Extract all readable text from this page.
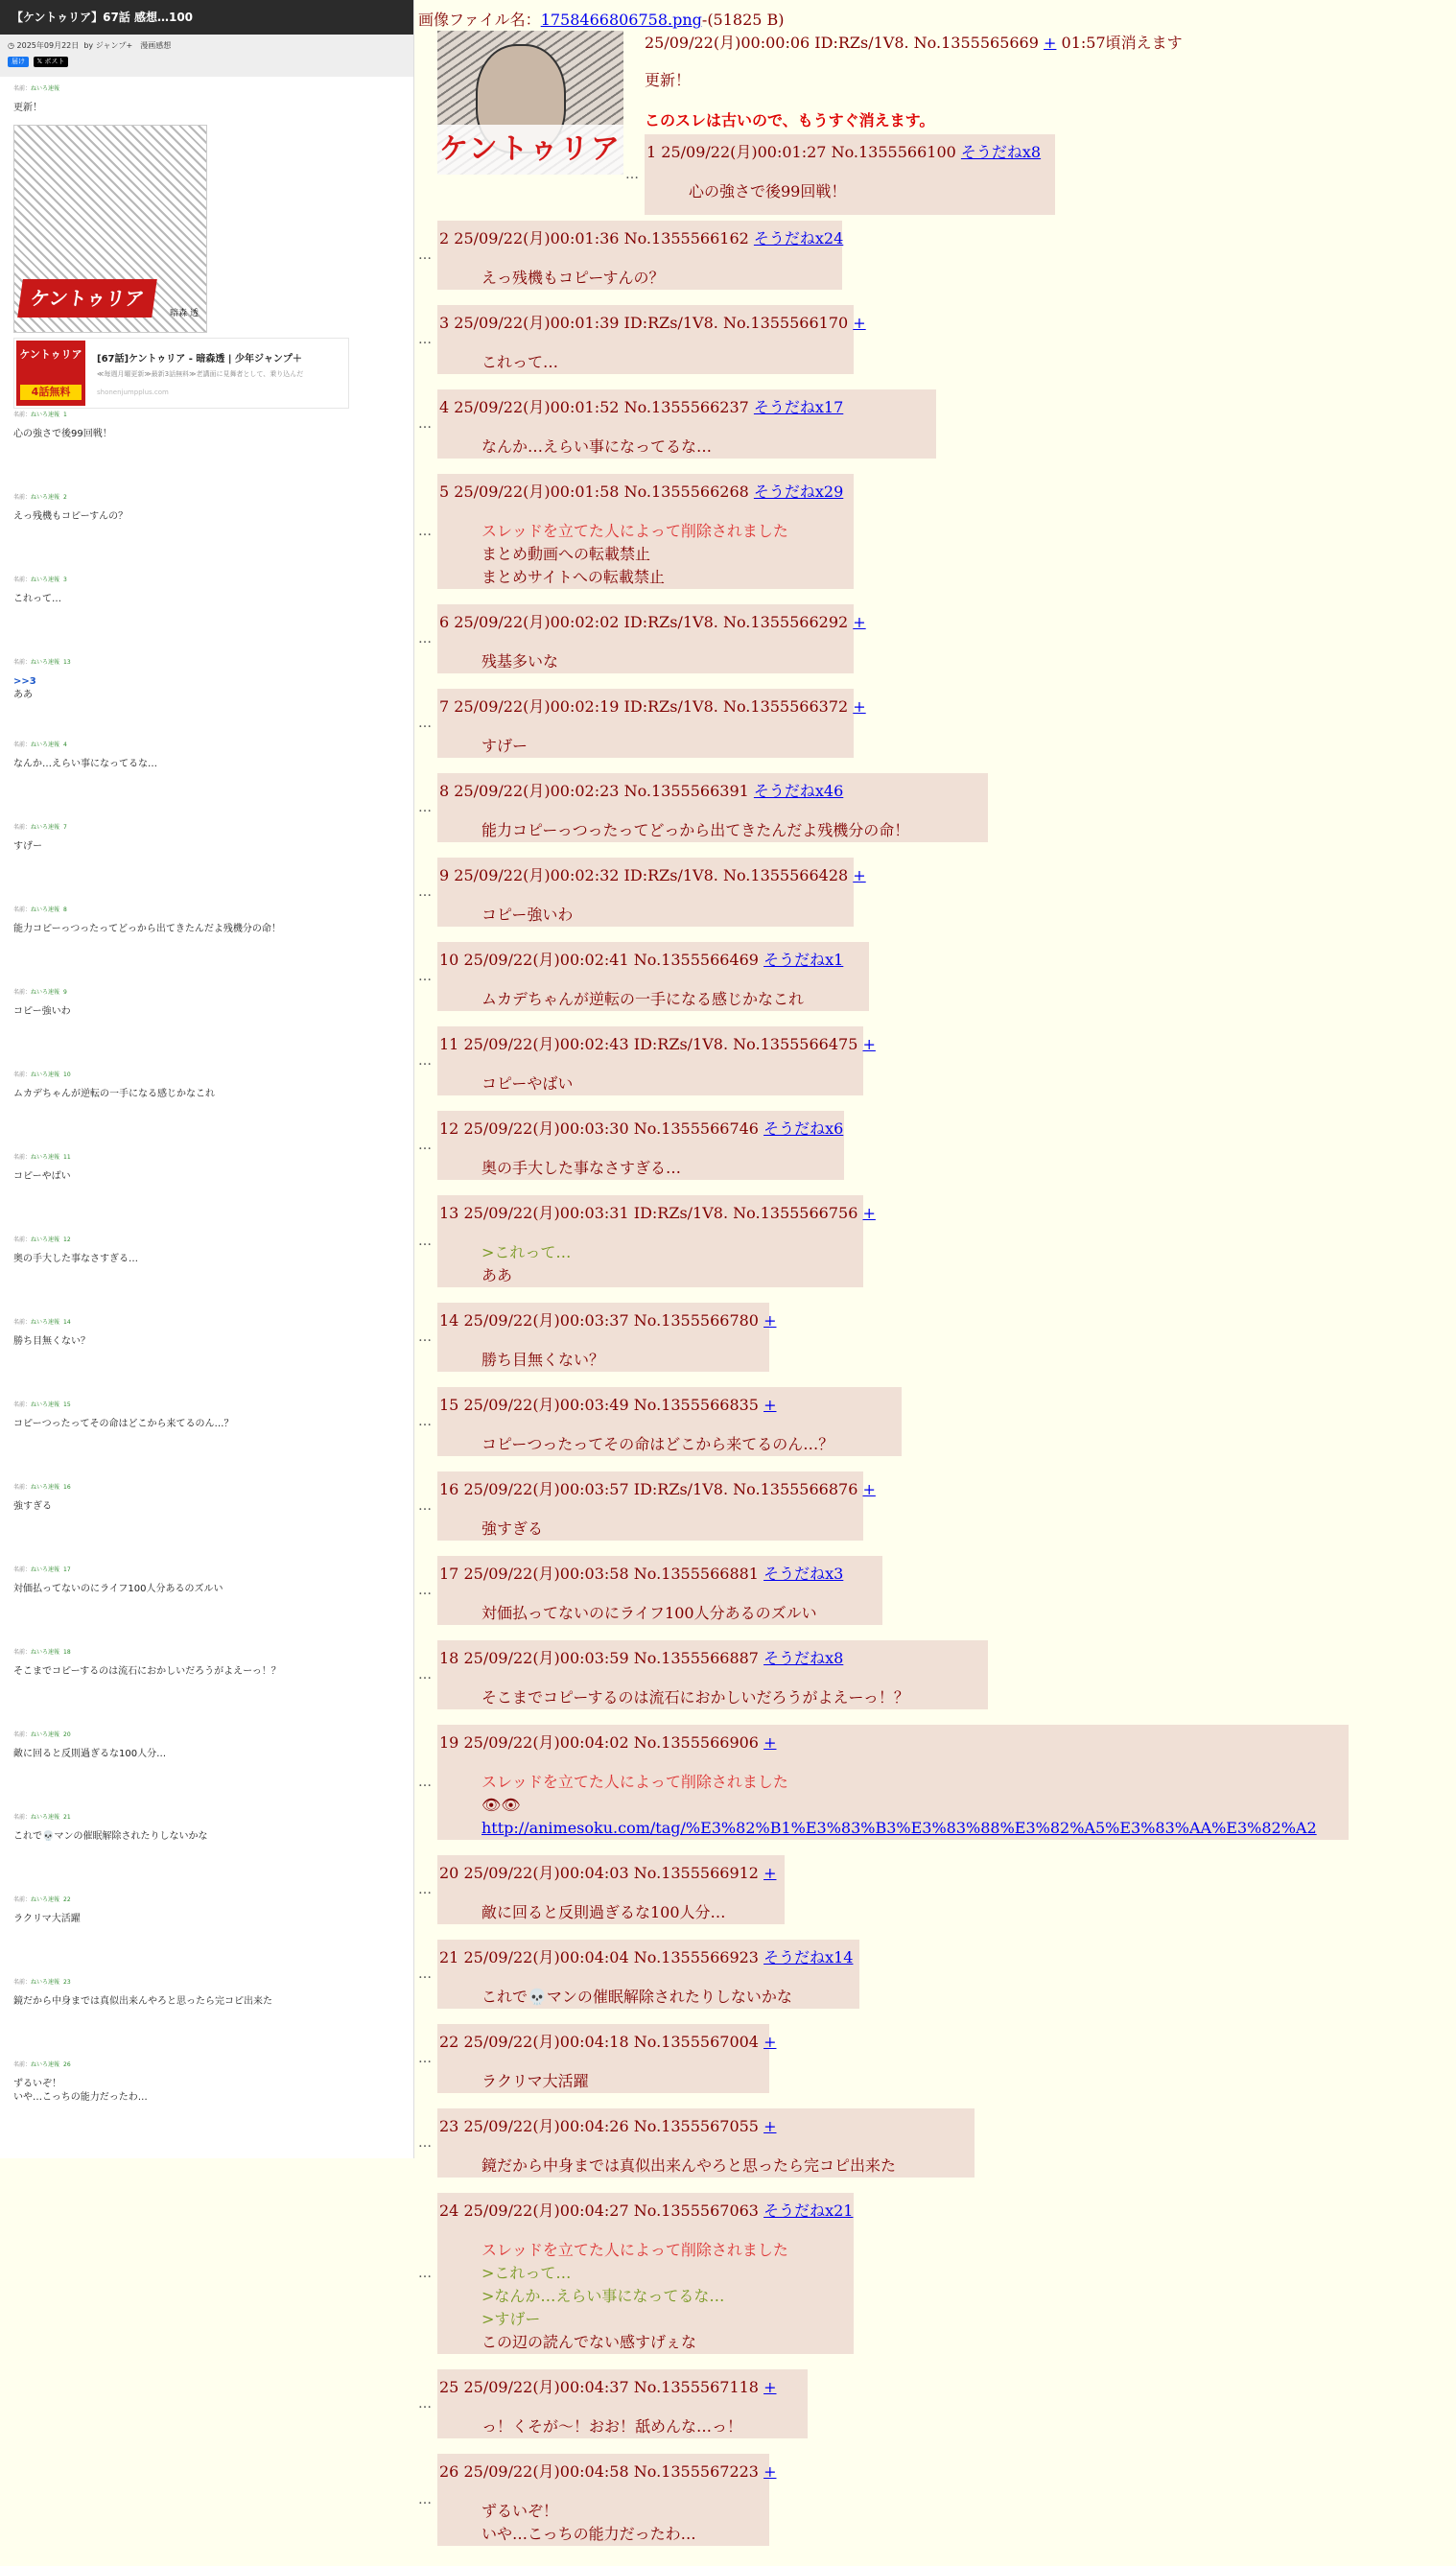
【ケントゥリア】67話 感想…100
◷ 2025年09月22日 by ジャンプ+　漫画感想
届け 𝕏 ポスト
名前：ねいろ速報
更新！
ケントゥリア
暗森 透
ケントゥリア
4話無料
[67話]ケントゥリア - 暗森透 | 少年ジャンプ＋
≪毎週月曜更新≫最新3話無料≫⽼講⾯に⾒舞者として、乗り込んだ
shonenjumpplus.com
名前：ねいろ速報 1
心の強さで後99回戦！
名前：ねいろ速報 2
えっ残機もコピーすんの？
名前：ねいろ速報 3
これって…
名前：ねいろ速報 13
>>3
ああ
名前：ねいろ速報 4
なんか…えらい事になってるな…
名前：ねいろ速報 7
すげー
名前：ねいろ速報 8
能力コピーっつったってどっから出てきたんだよ残機分の命！
名前：ねいろ速報 9
コピー強いわ
名前：ねいろ速報 10
ムカデちゃんが逆転の一手になる感じかなこれ
名前：ねいろ速報 11
コピーやばい
名前：ねいろ速報 12
奥の手大した事なさすぎる…
名前：ねいろ速報 14
勝ち目無くない？
名前：ねいろ速報 15
コピーつったってその命はどこから来てるのん…？
名前：ねいろ速報 16
強すぎる
名前：ねいろ速報 17
対価払ってないのにライフ100人分あるのズルい
名前：ねいろ速報 18
そこまでコピーするのは流石におかしいだろうがよえーっ！？
名前：ねいろ速報 20
敵に回ると反則過ぎるな100人分…
名前：ねいろ速報 21
これで💀マンの催眠解除されたりしないかな
名前：ねいろ速報 22
ラクリマ大活躍
名前：ねいろ速報 23
鏡だから中身までは真似出来んやろと思ったら完コピ出来た
名前：ねいろ速報 26
ずるいぞ！
いや…こっちの能力だったわ…
画像ファイル名：1758466806758.png-(51825 B)
ケントゥリア
25/09/22(月)00:00:06 ID:RZs/1V8. No.1355565669 + 01:57頃消えます
更新！
このスレは古いので、もうすぐ消えます。
1 25/09/22(月)00:01:27 No.1355566100 そうだねx8
心の強さで後99回戦！
…
2 25/09/22(月)00:01:36 No.1355566162 そうだねx24
えっ残機もコピーすんの？
…
3 25/09/22(月)00:01:39 ID:RZs/1V8. No.1355566170 +
これって…
…
4 25/09/22(月)00:01:52 No.1355566237 そうだねx17
なんか…えらい事になってるな…
…
5 25/09/22(月)00:01:58 No.1355566268 そうだねx29
スレッドを立てた人によって削除されました
まとめ動画への転載禁止
まとめサイトへの転載禁止
…
6 25/09/22(月)00:02:02 ID:RZs/1V8. No.1355566292 +
残基多いな
…
7 25/09/22(月)00:02:19 ID:RZs/1V8. No.1355566372 +
すげー
…
8 25/09/22(月)00:02:23 No.1355566391 そうだねx46
能力コピーっつったってどっから出てきたんだよ残機分の命！
…
9 25/09/22(月)00:02:32 ID:RZs/1V8. No.1355566428 +
コピー強いわ
…
10 25/09/22(月)00:02:41 No.1355566469 そうだねx1
ムカデちゃんが逆転の一手になる感じかなこれ
…
11 25/09/22(月)00:02:43 ID:RZs/1V8. No.1355566475 +
コピーやばい
…
12 25/09/22(月)00:03:30 No.1355566746 そうだねx6
奥の手大した事なさすぎる…
…
13 25/09/22(月)00:03:31 ID:RZs/1V8. No.1355566756 +
>これって…
ああ
…
14 25/09/22(月)00:03:37 No.1355566780 +
勝ち目無くない？
…
15 25/09/22(月)00:03:49 No.1355566835 +
コピーつったってその命はどこから来てるのん…？
…
16 25/09/22(月)00:03:57 ID:RZs/1V8. No.1355566876 +
強すぎる
…
17 25/09/22(月)00:03:58 No.1355566881 そうだねx3
対価払ってないのにライフ100人分あるのズルい
…
18 25/09/22(月)00:03:59 No.1355566887 そうだねx8
そこまでコピーするのは流石におかしいだろうがよえーっ！？
…
19 25/09/22(月)00:04:02 No.1355566906 +
スレッドを立てた人によって削除されました
👁👁
http://animesoku.com/tag/%E3%82%B1%E3%83%B3%E3%83%88%E3%82%A5%E3%83%AA%E3%82%A2

…
20 25/09/22(月)00:04:03 No.1355566912 +
敵に回ると反則過ぎるな100人分…
…
21 25/09/22(月)00:04:04 No.1355566923 そうだねx14
これで💀マンの催眠解除されたりしないかな
…
22 25/09/22(月)00:04:18 No.1355567004 +
ラクリマ大活躍
…
23 25/09/22(月)00:04:26 No.1355567055 +
鏡だから中身までは真似出来んやろと思ったら完コピ出来た
…
24 25/09/22(月)00:04:27 No.1355567063 そうだねx21
スレッドを立てた人によって削除されました
>これって…
>なんか…えらい事になってるな…
>すげー
この辺の読んでない感すげぇな
…
25 25/09/22(月)00:04:37 No.1355567118 +
っ！くそが〜！おお！舐めんな…っ！
…
26 25/09/22(月)00:04:58 No.1355567223 +
ずるいぞ！
いや…こっちの能力だったわ…
…
